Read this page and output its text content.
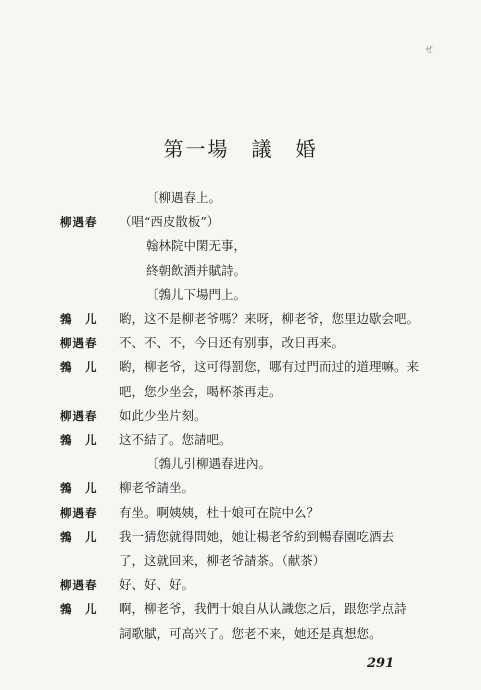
せ
第一場 議 婚
〔柳遇春上。
柳遇春	（唱“西皮散板”）
翰林院中閑无事，
終朝飲酒并賦詩。
〔鵓儿下場門上。
鵓　儿	喲，这不是柳老爷嗎？来呀，柳老爷，您里边歇会吧。
柳遇春	不、不、不，今日还有别事，改日再来。
鵓　儿	喲，柳老爷，这可得罰您，哪有过門而过的道理嘛。来
吧，您少坐会，喝杯茶再走。
柳遇春	如此少坐片刻。
鵓　儿	这不結了。您請吧。
〔鵓儿引柳遇春进內。
鵓　儿	柳老爷請坐。
柳遇春	有坐。啊姨姨，杜十娘可在院中么？
鵓　儿	我一猜您就得問她，她让楊老爷約到暢春園吃酒去
了，这就回来，柳老爷請茶。（献茶）
柳遇春	好、好、好。
鵓　儿	啊，柳老爷，我們十娘自从认識您之后，跟您学点詩
詞歌賦，可高兴了。您老不来，她还是真想您。
291
